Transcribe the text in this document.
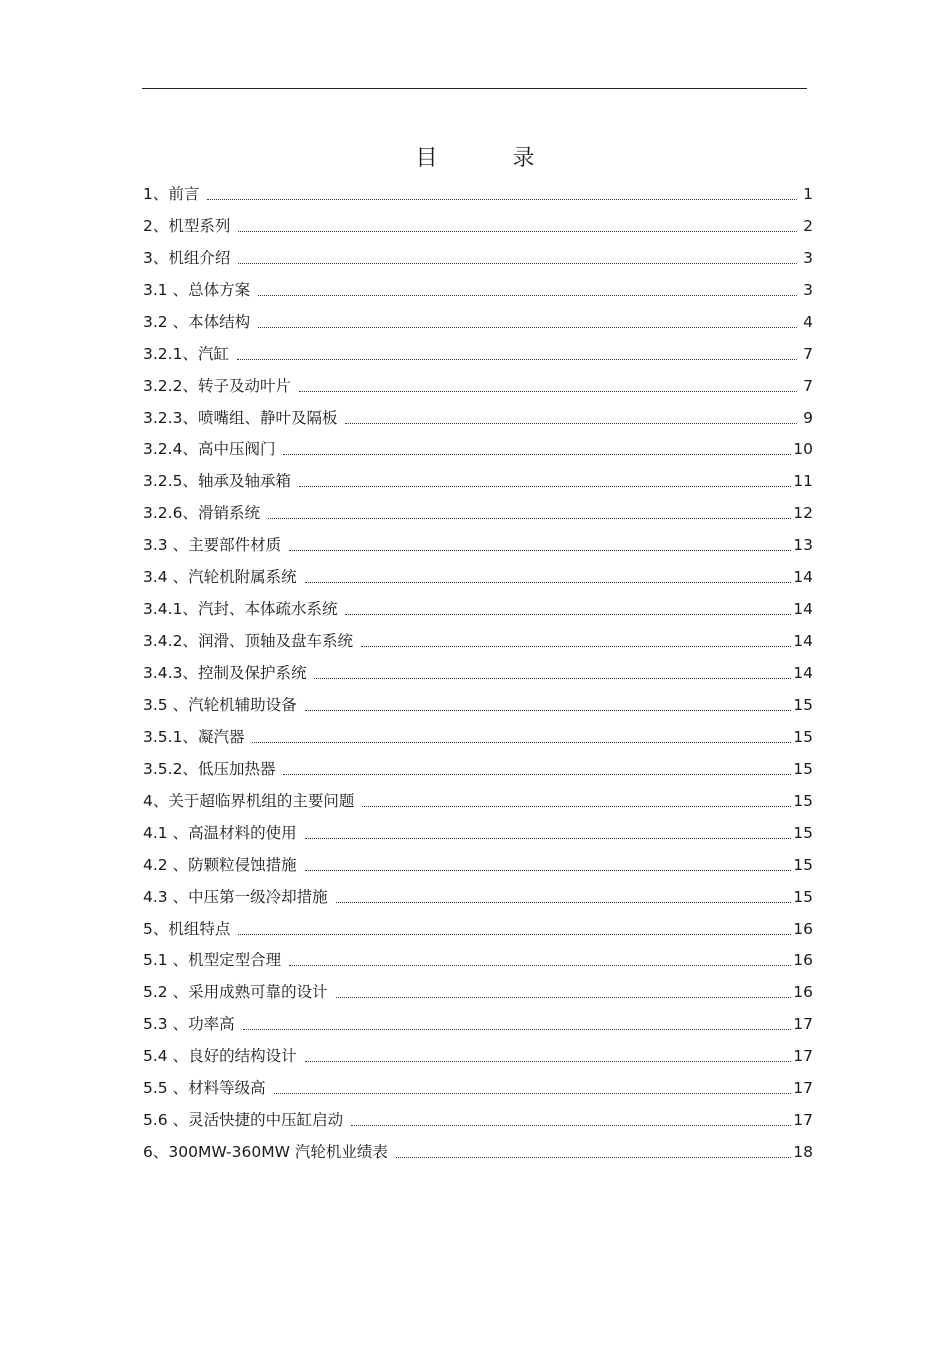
目 录
1、前言	1
2、机型系列	2
3、机组介绍	3
3.1 、总体方案	3
3.2 、本体结构	4
3.2.1、汽缸	7
3.2.2、转子及动叶片	7
3.2.3、喷嘴组、静叶及隔板	9
3.2.4、高中压阀门	10
3.2.5、轴承及轴承箱	11
3.2.6、滑销系统	12
3.3 、主要部件材质	13
3.4 、汽轮机附属系统	14
3.4.1、汽封、本体疏水系统	14
3.4.2、润滑、顶轴及盘车系统	14
3.4.3、控制及保护系统	14
3.5 、汽轮机辅助设备	15
3.5.1、凝汽器	15
3.5.2、低压加热器	15
4、关于超临界机组的主要问题	15
4.1 、高温材料的使用	15
4.2 、防颗粒侵蚀措施	15
4.3 、中压第一级冷却措施	15
5、机组特点	16
5.1 、机型定型合理	16
5.2 、采用成熟可靠的设计	16
5.3 、功率高	17
5.4 、良好的结构设计	17
5.5 、材料等级高	17
5.6 、灵活快捷的中压缸启动	17
6、300MW-360MW 汽轮机业绩表	18
